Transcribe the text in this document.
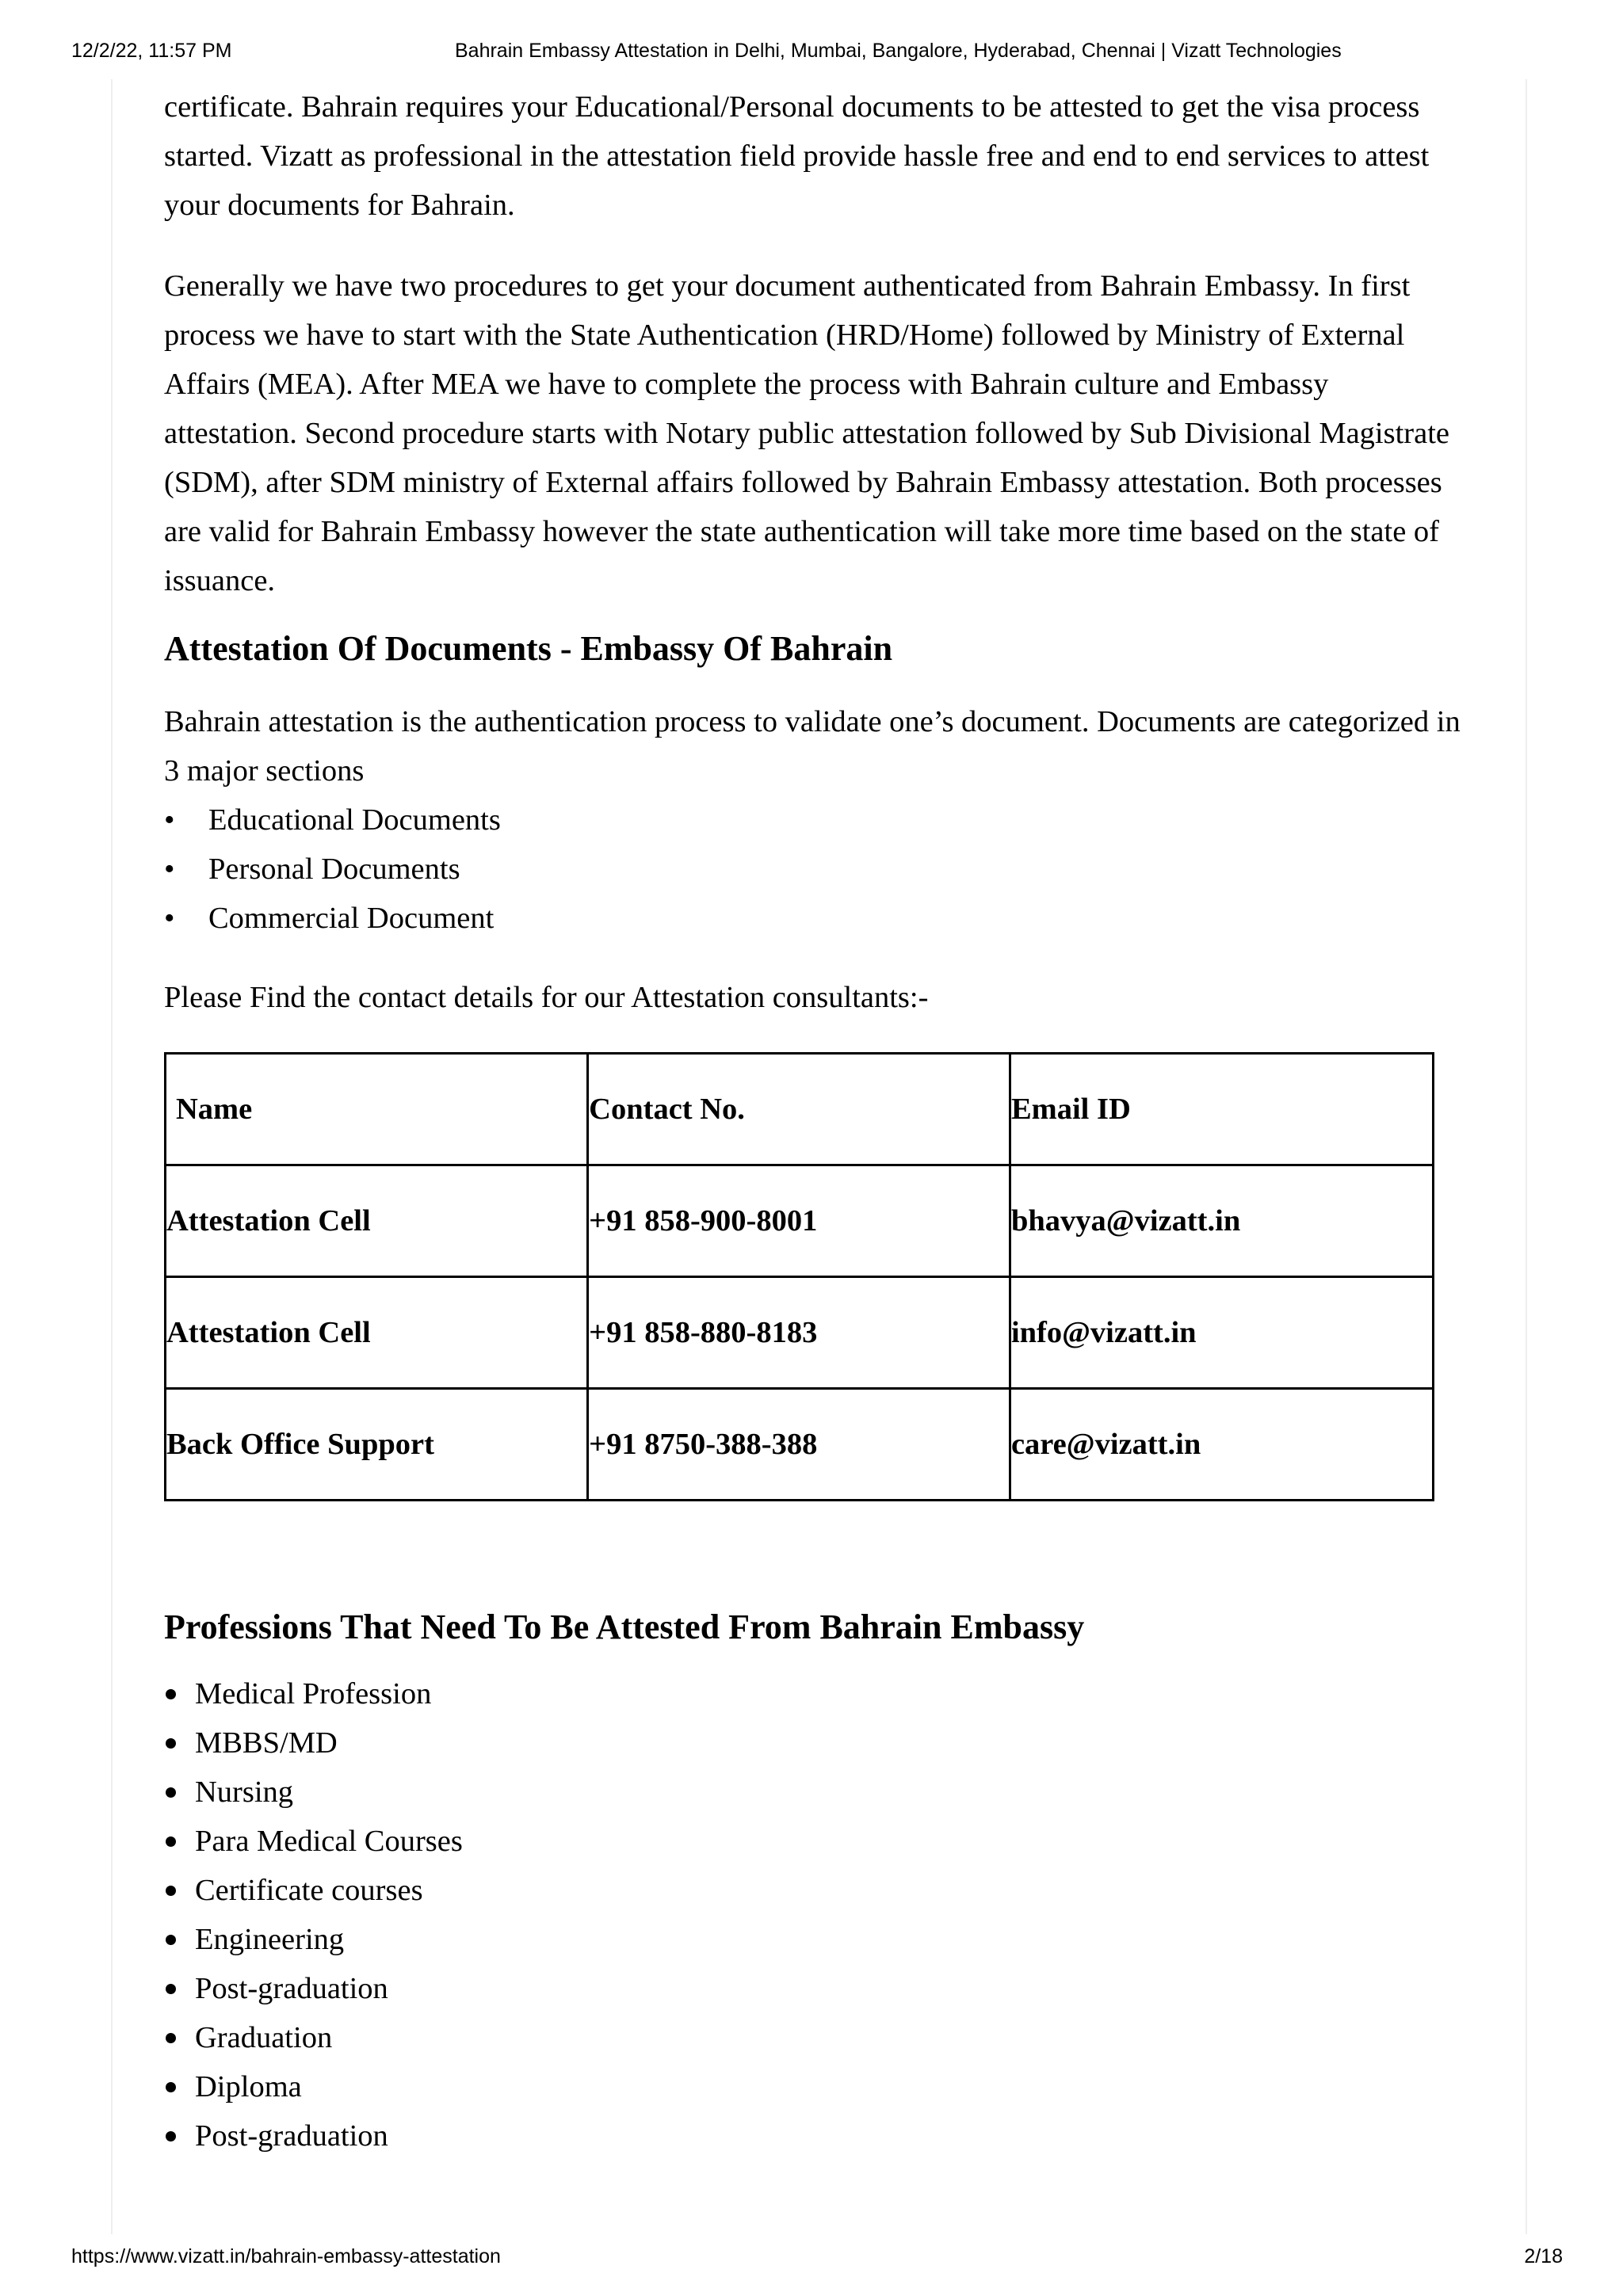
12/2/22, 11:57 PM	Bahrain Embassy Attestation in Delhi, Mumbai, Bangalore, Hyderabad, Chennai | Vizatt Technologies

certificate. Bahrain requires your Educational/Personal documents to be attested to get the visa process started. Vizatt as professional in the attestation field provide hassle free and end to end services to attest your documents for Bahrain.

Generally we have two procedures to get your document authenticated from Bahrain Embassy. In first process we have to start with the State Authentication (HRD/Home) followed by Ministry of External Affairs (MEA). After MEA we have to complete the process with Bahrain culture and Embassy attestation. Second procedure starts with Notary public attestation followed by Sub Divisional Magistrate (SDM), after SDM ministry of External affairs followed by Bahrain Embassy attestation. Both processes are valid for Bahrain Embassy however the state authentication will take more time based on the state of issuance.

Attestation Of Documents - Embassy Of Bahrain

Bahrain attestation is the authentication process to validate one’s document. Documents are categorized in 3 major sections

• Educational Documents
• Personal Documents
• Commercial Document

Please Find the contact details for our Attestation consultants:-

Name	Contact No.	Email ID
Attestation Cell	+91 858-900-8001	bhavya@vizatt.in
Attestation Cell	+91 858-880-8183	info@vizatt.in
Back Office Support	+91 8750-388-388	care@vizatt.in
Professions That Need To Be Attested From Bahrain Embassy
Medical Profession
MBBS/MD
Nursing
Para Medical Courses
Certificate courses
Engineering
Post-graduation
Graduation
Diploma
Post-graduation
https://www.vizatt.in/bahrain-embassy-attestation	2/18
